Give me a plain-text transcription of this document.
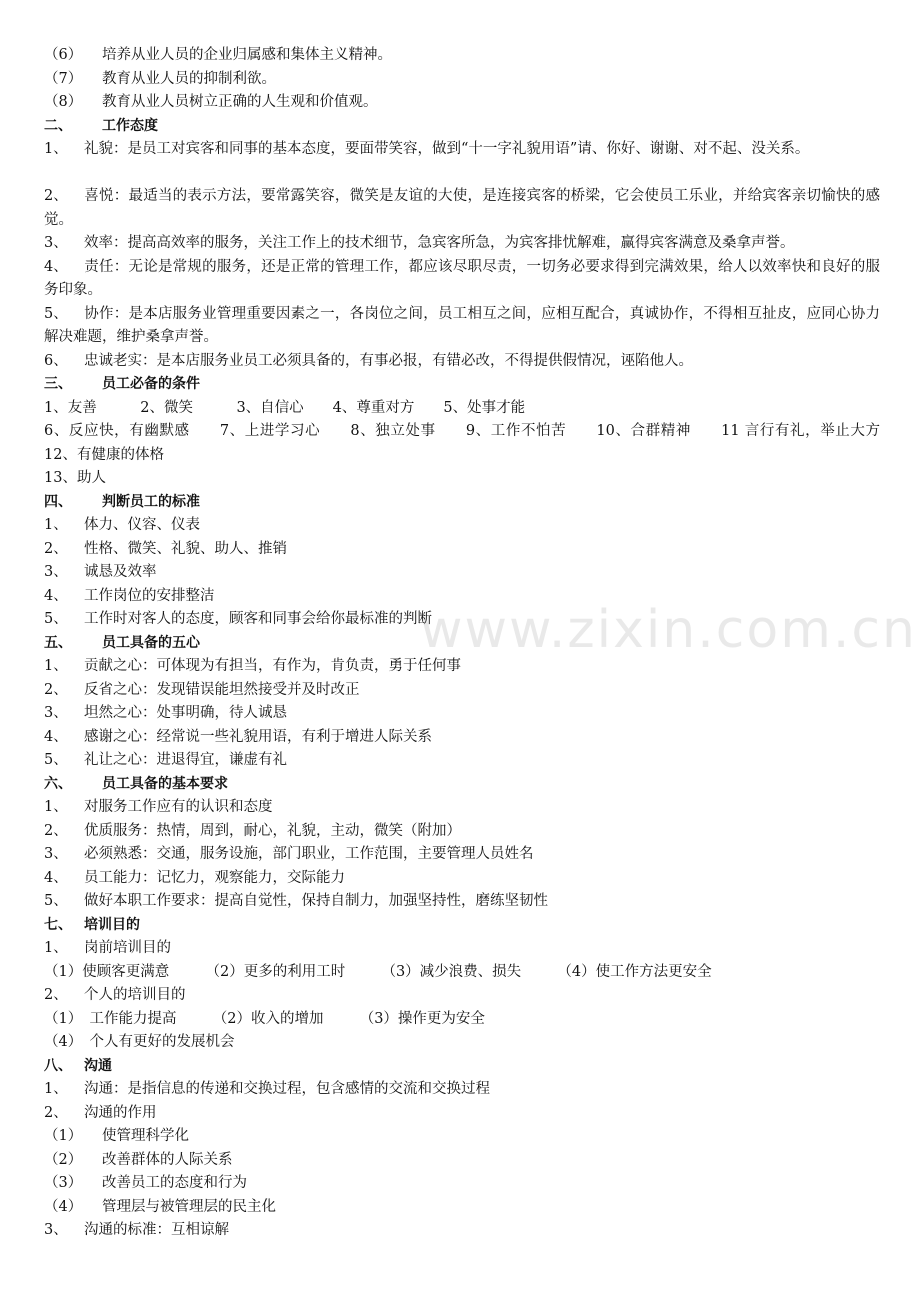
www.zixin.com.cn
（6） 培养从业人员的企业归属感和集体主义精神。
（7） 教育从业人员的抑制利欲。
（8） 教育从业人员树立正确的人生观和价值观。
二、 工作态度
1、 礼貌：是员工对宾客和同事的基本态度，要面带笑容，做到“十一字礼貌用语”请、你好、谢谢、对不起、没关系。
2、 喜悦：最适当的表示方法，要常露笑容，微笑是友谊的大使，是连接宾客的桥梁，它会使员工乐业，并给宾客亲切愉快的感觉。
3、 效率：提高高效率的服务，关注工作上的技术细节，急宾客所急，为宾客排忧解难，赢得宾客满意及桑拿声誉。
4、 责任：无论是常规的服务，还是正常的管理工作，都应该尽职尽责，一切务必要求得到完满效果，给人以效率快和良好的服务印象。
5、 协作：是本店服务业管理重要因素之一，各岗位之间，员工相互之间，应相互配合，真诚协作，不得相互扯皮，应同心协力解决难题，维护桑拿声誉。
6、 忠诚老实：是本店服务业员工必须具备的，有事必报，有错必改，不得提供假情况，诬陷他人。
三、 员工必备的条件
1、友善　　　2、微笑　　　3、自信心　　4、尊重对方　　5、处事才能
6、反应快，有幽默感　　7、上进学习心　　8、独立处事　　9、工作不怕苦　　10、合群精神　　11 言行有礼，举止大方　　12、有健康的体格
13、助人
四、 判断员工的标准
1、 体力、仪容、仪表
2、 性格、微笑、礼貌、助人、推销
3、 诚恳及效率
4、 工作岗位的安排整洁
5、 工作时对客人的态度，顾客和同事会给你最标准的判断
五、 员工具备的五心
1、 贡献之心：可体现为有担当，有作为，肯负责，勇于任何事
2、 反省之心：发现错误能坦然接受并及时改正
3、 坦然之心：处事明确，待人诚恳
4、 感谢之心：经常说一些礼貌用语，有利于增进人际关系
5、 礼让之心：进退得宜，谦虚有礼
六、 员工具备的基本要求
1、 对服务工作应有的认识和态度
2、 优质服务：热情，周到，耐心，礼貌，主动，微笑（附加）
3、 必须熟悉：交通，服务设施，部门职业，工作范围，主要管理人员姓名
4、 员工能力：记忆力，观察能力，交际能力
5、 做好本职工作要求：提高自觉性，保持自制力，加强坚持性，磨练坚韧性
七、 培训目的
1、 岗前培训目的
（1）使顾客更满意　　　（2）更多的利用工时　　　（3）减少浪费、损失　　　（4）使工作方法更安全
2、 个人的培训目的
（1）　工作能力提高　　　（2）收入的增加　　　（3）操作更为安全
（4）　个人有更好的发展机会
八、 沟通
1、 沟通：是指信息的传递和交换过程，包含感情的交流和交换过程
2、 沟通的作用
（1） 使管理科学化
（2） 改善群体的人际关系
（3） 改善员工的态度和行为
（4） 管理层与被管理层的民主化
3、 沟通的标准：互相谅解
